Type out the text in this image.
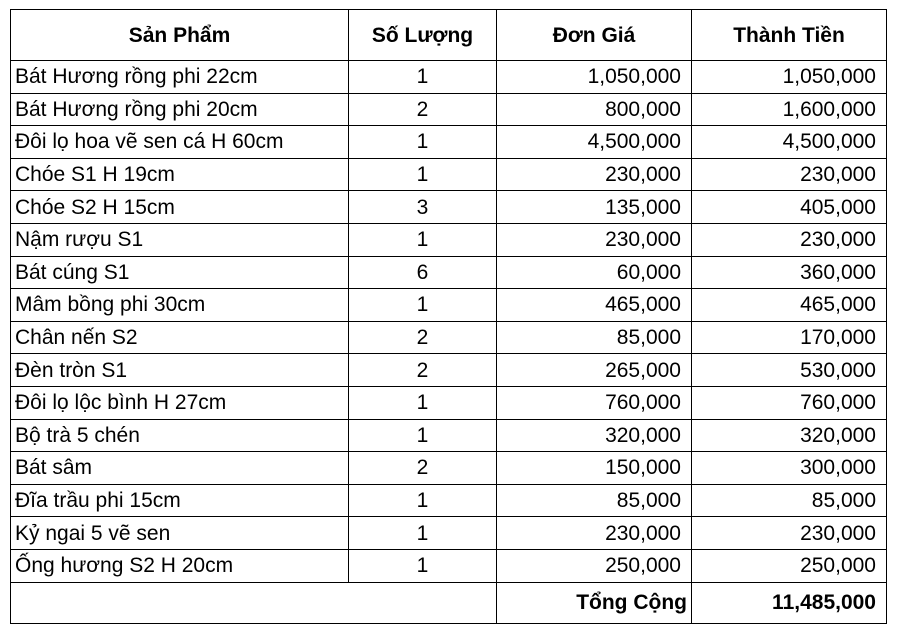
Sản Phẩm	Số Lượng	Đơn Giá	Thành Tiền
Bát Hương rồng phi 22cm	1	1,050,000	1,050,000
Bát Hương rồng phi 20cm	2	800,000	1,600,000
Đôi lọ hoa vẽ sen cá H 60cm	1	4,500,000	4,500,000
Chóe S1 H 19cm	1	230,000	230,000
Chóe S2 H 15cm	3	135,000	405,000
Nậm rượu S1	1	230,000	230,000
Bát cúng S1	6	60,000	360,000
Mâm bồng phi 30cm	1	465,000	465,000
Chân nến S2	2	85,000	170,000
Đèn tròn S1	2	265,000	530,000
Đôi lọ lộc bình H 27cm	1	760,000	760,000
Bộ trà 5 chén	1	320,000	320,000
Bát sâm	2	150,000	300,000
Đĩa trầu phi 15cm	1	85,000	85,000
Kỷ ngai 5 vẽ sen	1	230,000	230,000
Ống hương S2 H 20cm	1	250,000	250,000
		Tổng Cộng	11,485,000
